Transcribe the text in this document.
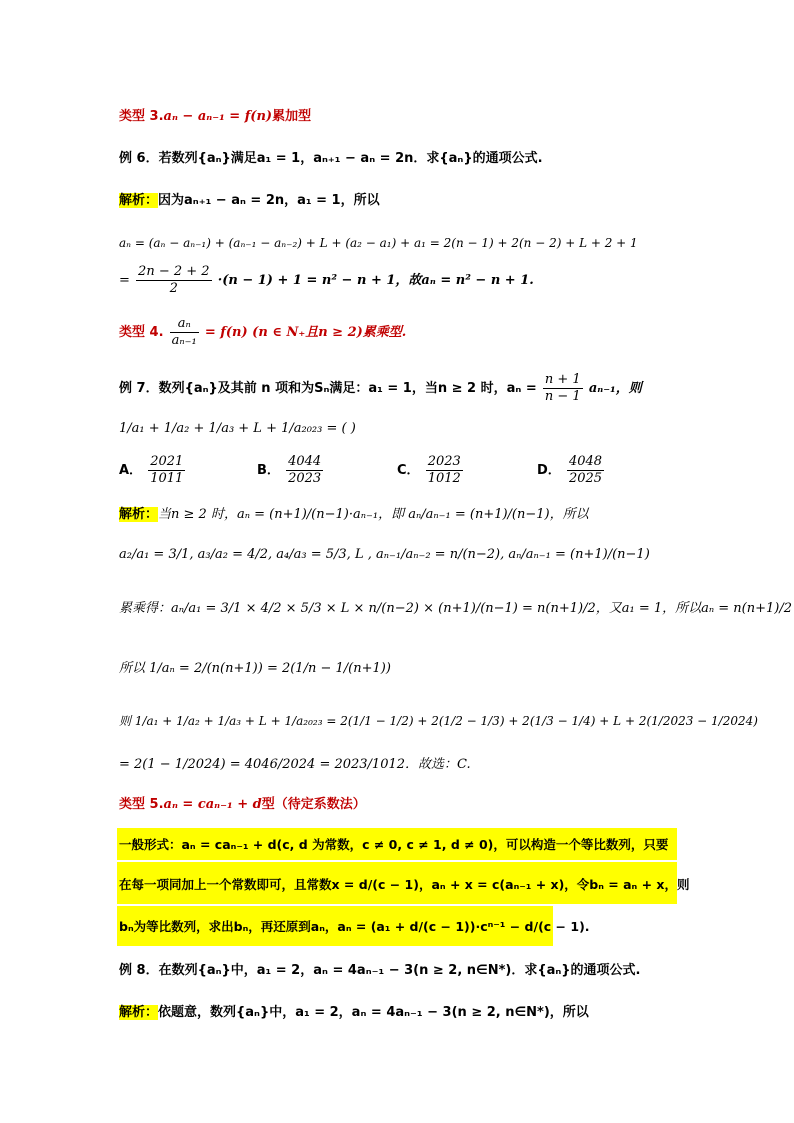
类型 3.aₙ − aₙ₋₁ = f(n)累加型
例 6．若数列{aₙ}满足a₁ = 1，aₙ₊₁ − aₙ = 2n．求{aₙ}的通项公式.
解析：因为aₙ₊₁ − aₙ = 2n，a₁ = 1，所以
aₙ = (aₙ − aₙ₋₁) + (aₙ₋₁ − aₙ₋₂) + L + (a₂ − a₁) + a₁ = 2(n − 1) + 2(n − 2) + L + 2 + 1
= $\frac{2n - 2 + 2}{2} \cdot(n - 1) + 1 = n^2 - n + 1$，故aₙ = n² − n + 1.
类型 4. $\frac{\text{aₙ}}{\text{aₙ₋₁}} = f(n)$ (n ∈ N₊且n ≥ 2)累乘型.
例 7．数列{aₙ}及其前 n 项和为Sₙ满足：a₁ = 1，当n ≥ 2 时，$a_n = \frac{n + 1}{n - 1} a_{n-1}$，则
1/a₁ + 1/a₂ + 1/a₃ + L + 1/a₂₀₂₃ = ( )
A． $\frac{2021}{1011}$	B． $\frac{4044}{2023}$	C． $\frac{2023}{1012}$	D． $\frac{4048}{2025}$
解析：当n ≥ 2 时，aₙ = (n+1)/(n−1)·aₙ₋₁，即 aₙ/aₙ₋₁ = (n+1)/(n−1)，所以
a₂/a₁ = 3/1, a₃/a₂ = 4/2, a₄/a₃ = 5/3, L , aₙ₋₁/aₙ₋₂ = n/(n−2), aₙ/aₙ₋₁ = (n+1)/(n−1)
累乘得：aₙ/a₁ = 3/1 × 4/2 × 5/3 × L × n/(n−2) × (n+1)/(n−1) = n(n+1)/2，又a₁ = 1，所以aₙ = n(n+1)/2
所以 1/aₙ = 2/(n(n+1)) = 2(1/n − 1/(n+1))
则 1/a₁ + 1/a₂ + 1/a₃ + L + 1/a₂₀₂₃ = 2(1/1 − 1/2) + 2(1/2 − 1/3) + 2(1/3 − 1/4) + L + 2(1/2023 − 1/2024)
= 2(1 − 1/2024) = 4046/2024 = 2023/1012．故选：C.
类型 5.aₙ = caₙ₋₁ + d型（待定系数法）
一般形式：aₙ = caₙ₋₁ + d(c, d 为常数，c ≠ 0, c ≠ 1, d ≠ 0)，可以构造一个等比数列，只要
在每一项同加上一个常数即可，且常数x = d/(c − 1)，aₙ + x = c(aₙ₋₁ + x)，令bₙ = aₙ + x，则
bₙ为等比数列，求出bₙ，再还原到aₙ，aₙ = (a₁ + d/(c − 1))·cⁿ⁻¹ − d/(c − 1).
例 8．在数列{aₙ}中，a₁ = 2，aₙ = 4aₙ₋₁ − 3(n ≥ 2, n∈N*)．求{aₙ}的通项公式.
解析：依题意，数列{aₙ}中，a₁ = 2，aₙ = 4aₙ₋₁ − 3(n ≥ 2, n∈N*)，所以
